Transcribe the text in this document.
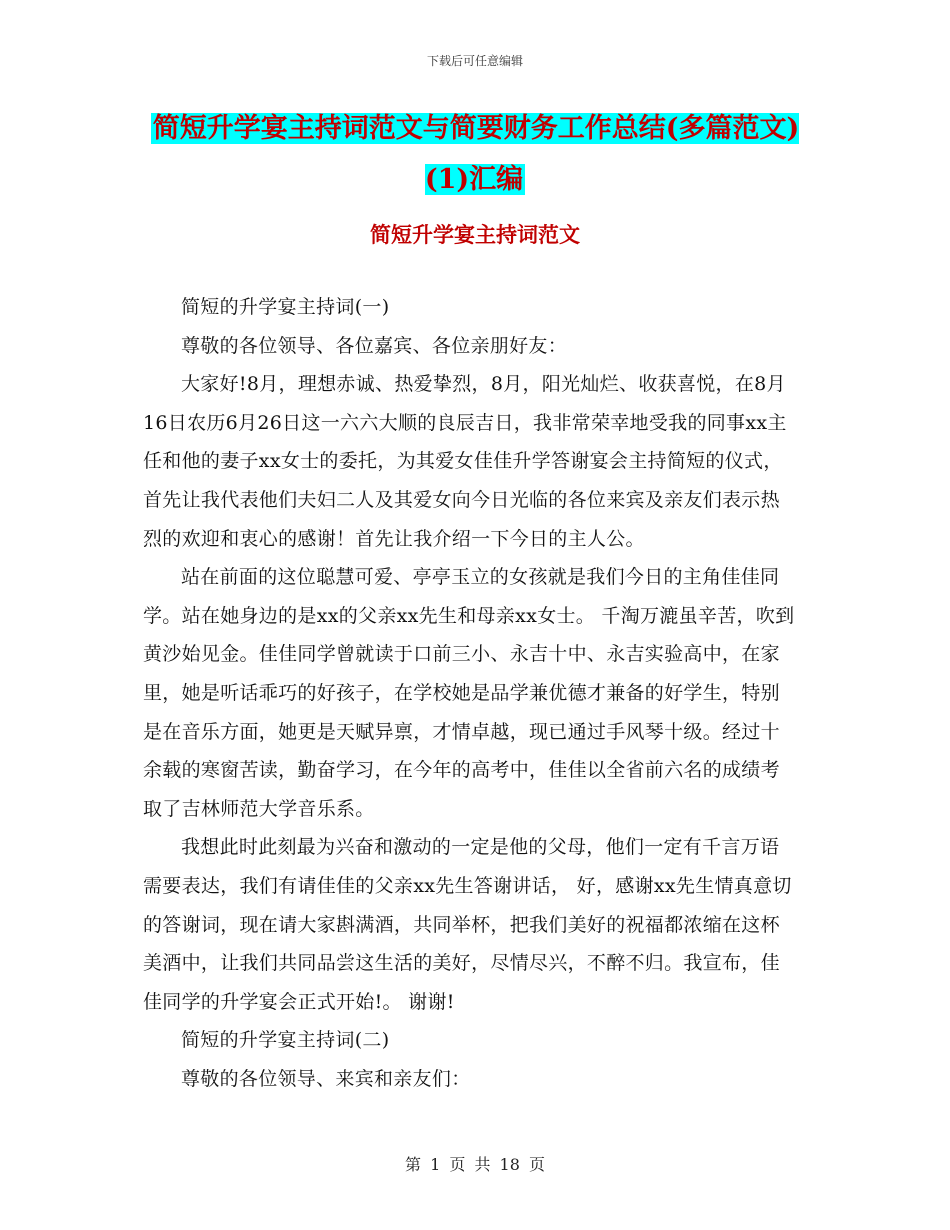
下载后可任意编辑
简短升学宴主持词范文与简要财务工作总结(多篇范文)(1)汇编
简短升学宴主持词范文

简短的升学宴主持词(一)

尊敬的各位领导、各位嘉宾、各位亲朋好友：

大家好!8月，理想赤诚、热爱挚烈，8月，阳光灿烂、收获喜悦，在8月16日农历6月26日这一六六大顺的良辰吉日，我非常荣幸地受我的同事xx主任和他的妻子xx女士的委托，为其爱女佳佳升学答谢宴会主持简短的仪式，首先让我代表他们夫妇二人及其爱女向今日光临的各位来宾及亲友们表示热烈的欢迎和衷心的感谢！首先让我介绍一下今日的主人公。

站在前面的这位聪慧可爱、亭亭玉立的女孩就是我们今日的主角佳佳同学。站在她身边的是xx的父亲xx先生和母亲xx女士。 千淘万漉虽辛苦，吹到黄沙始见金。佳佳同学曾就读于口前三小、永吉十中、永吉实验高中，在家里，她是听话乖巧的好孩子，在学校她是品学兼优德才兼备的好学生，特别是在音乐方面，她更是天赋异禀，才情卓越，现已通过手风琴十级。经过十余载的寒窗苦读，勤奋学习，在今年的高考中，佳佳以全省前六名的成绩考取了吉林师范大学音乐系。

我想此时此刻最为兴奋和激动的一定是他的父母，他们一定有千言万语需要表达，我们有请佳佳的父亲xx先生答谢讲话， 好，感谢xx先生情真意切的答谢词，现在请大家斟满酒，共同举杯，把我们美好的祝福都浓缩在这杯美酒中，让我们共同品尝这生活的美好，尽情尽兴，不醉不归。我宣布，佳佳同学的升学宴会正式开始!。 谢谢!

简短的升学宴主持词(二)

尊敬的各位领导、来宾和亲友们：

第 1 页 共 18 页
